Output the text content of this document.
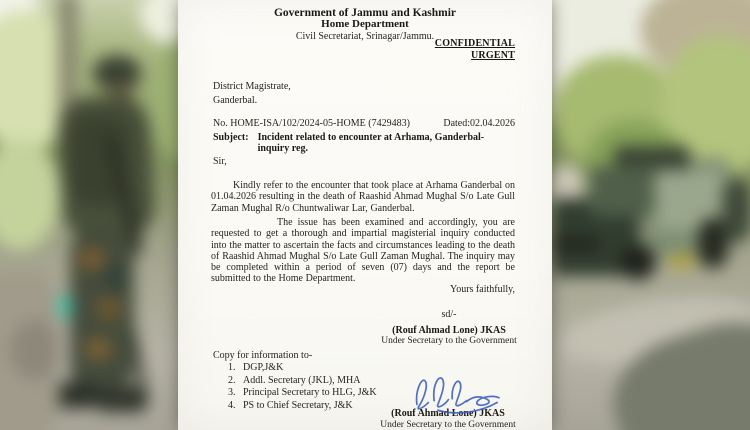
Government of Jammu and Kashmir
Home Department
Civil Secretariat, Srinagar/Jammu.
CONFIDENTIAL
URGENT
District Magistrate,
Ganderbal.
No. HOME-ISA/102/2024-05-HOME (7429483)	Dated:02.04.2026
Subject: Incident related to encounter at Arhama, Ganderbal-inquiry reg.
Sir,
Kindly refer to the encounter that took place at Arhama Ganderbal on 01.04.2026 resulting in the death of Raashid Ahmad Mughal S/o Late Gull Zaman Mughal R/o Chuntwaliwar Lar, Ganderbal.
The issue has been examined and accordingly, you are requested to get a thorough and impartial magisterial inquiry conducted into the matter to ascertain the facts and circumstances leading to the death of Raashid Ahmad Mughal S/o Late Gull Zaman Mughal. The inquiry may be completed within a period of seven (07) days and the report be submitted to the Home Department.
Yours faithfully,
sd/-
(Rouf Ahmad Lone) JKAS
Under Secretary to the Government
Copy for information to-
1. DGP,J&K
2. Addl. Secretary (JKL), MHA
3. Principal Secretary to HLG, J&K
4. PS to Chief Secretary, J&K
(Rouf Ahmad Lone) JKAS
Under Secretary to the Government
